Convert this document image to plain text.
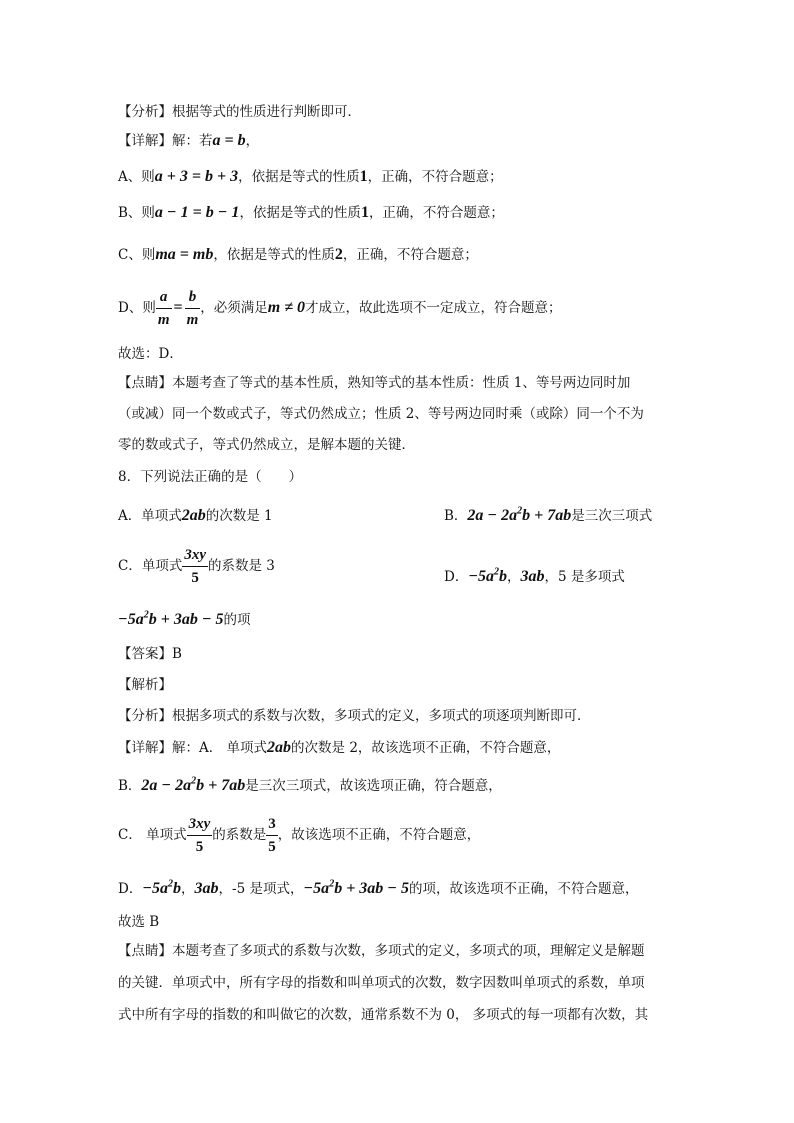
【分析】根据等式的性质进行判断即可．
【详解】解：若a = b，
A、则a + 3 = b + 3，依据是等式的性质1，正确，不符合题意；
B、则a − 1 = b − 1，依据是等式的性质1，正确，不符合题意；
C、则ma = mb，依据是等式的性质2，正确，不符合题意；
D、则 $\frac{a}{m} = \frac{b}{m}$ ，必须满足m ≠ 0才成立，故此选项不一定成立，符合题意；
故选：D．
【点睛】本题考查了等式的基本性质，熟知等式的基本性质：性质 1、等号两边同时加
（或减）同一个数或式子，等式仍然成立；性质 2、等号两边同时乘（或除）同一个不为
零的数或式子，等式仍然成立，是解本题的关键．
8．下列说法正确的是（　　）
A．单项式2ab的次数是 1	B．$2a - 2a^2b + 7ab$是三次三项式
C．单项式 $\frac{3xy}{5}$ 的系数是 3
D．$-5a^2b$，3ab，5 是多项式
$-5a^2b + 3ab - 5$的项
【答案】B
【解析】
【分析】根据多项式的系数与次数，多项式的定义，多项式的项逐项判断即可．
【详解】解：A． 单项式2ab的次数是 2，故该选项不正确，不符合题意，
B．$2a - 2a^2b + 7ab$是三次三项式，故该选项正确，符合题意，
C． 单项式 $\frac{3xy}{5}$ 的系数是 $\frac{3}{5}$ ，故该选项不正确，不符合题意，
D．$-5a^2b$，3ab，-5 是项式，$-5a^2b + 3ab - 5$的项，故该选项不正确，不符合题意，
故选 B
【点睛】本题考查了多项式的系数与次数，多项式的定义，多项式的项，理解定义是解题
的关键．单项式中，所有字母的指数和叫单项式的次数，数字因数叫单项式的系数，单项
式中所有字母的指数的和叫做它的次数，通常系数不为 0， 多项式的每一项都有次数，其
